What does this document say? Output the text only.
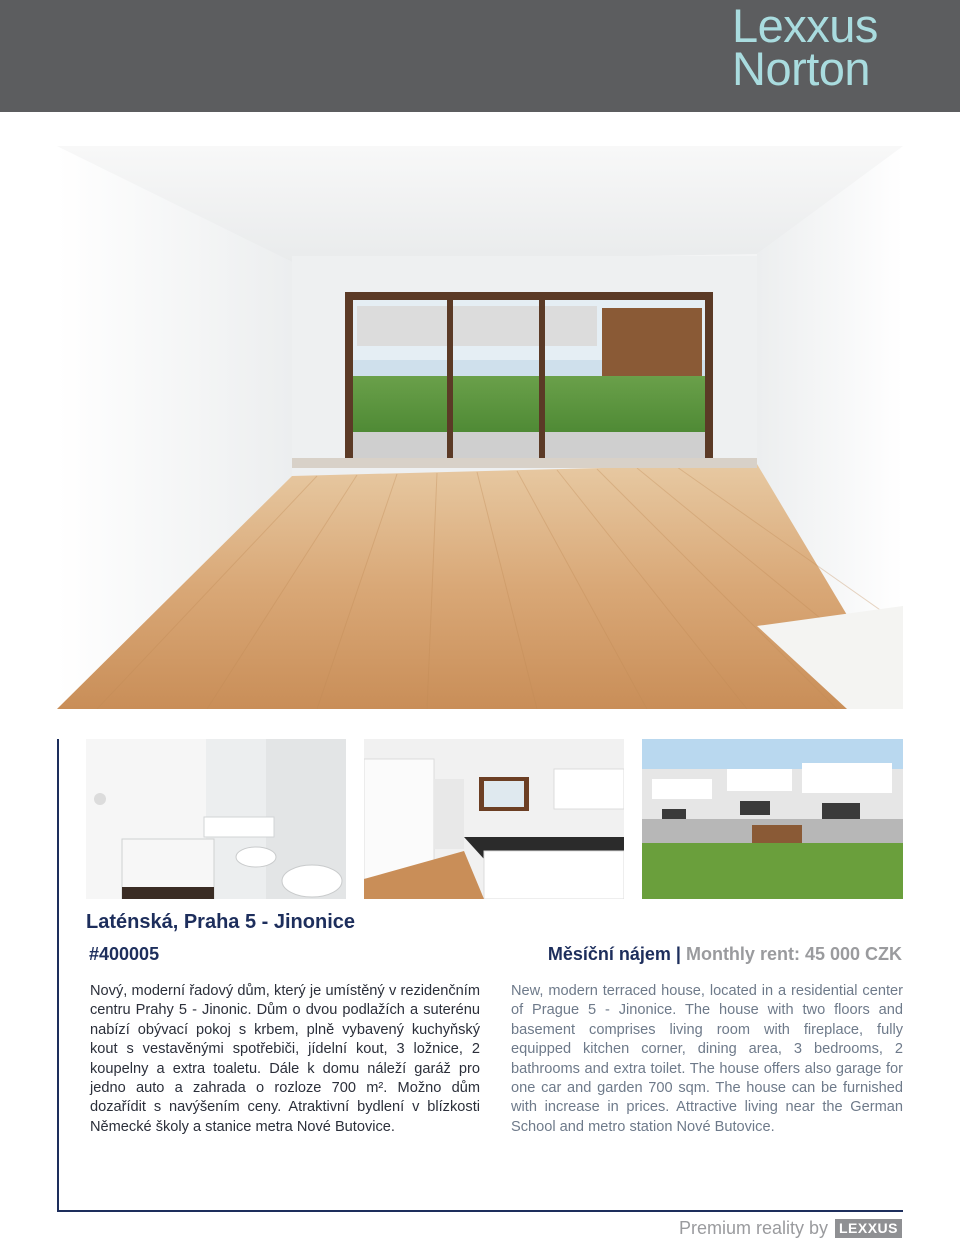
Lexxus
Norton
Laténská, Praha 5 - Jinonice
#400005	Měsíční nájem | Monthly rent: 45 000 CZK

Nový, moderní řadový dům, který je umístěný v rezidenčním centru Prahy 5 - Jinonic. Dům o dvou podlažích a suterénu nabízí obývací pokoj s krbem, plně vybavený kuchyňský kout s vestavěnými spotřebiči, jídelní kout, 3 ložnice, 2 koupelny a extra toaletu. Dále k domu náleží garáž pro jedno auto a zahrada o rozloze 700 m². Možno dům dozařídit s navýšením ceny. Atraktivní bydlení v blízkosti Německé školy a stanice metra Nové Butovice.

New, modern terraced house, located in a residential center of Prague 5 - Jinonice. The house with two floors and basement comprises living room with fireplace, fully equipped kitchen corner, dining area, 3 bedrooms, 2 bathrooms and extra toilet. The house offers also garage for one car and garden 700 sqm. The house can be furnished with increase in prices. Attractive living near the German School and metro station Nové Butovice.

Premium reality by LEXXUS
